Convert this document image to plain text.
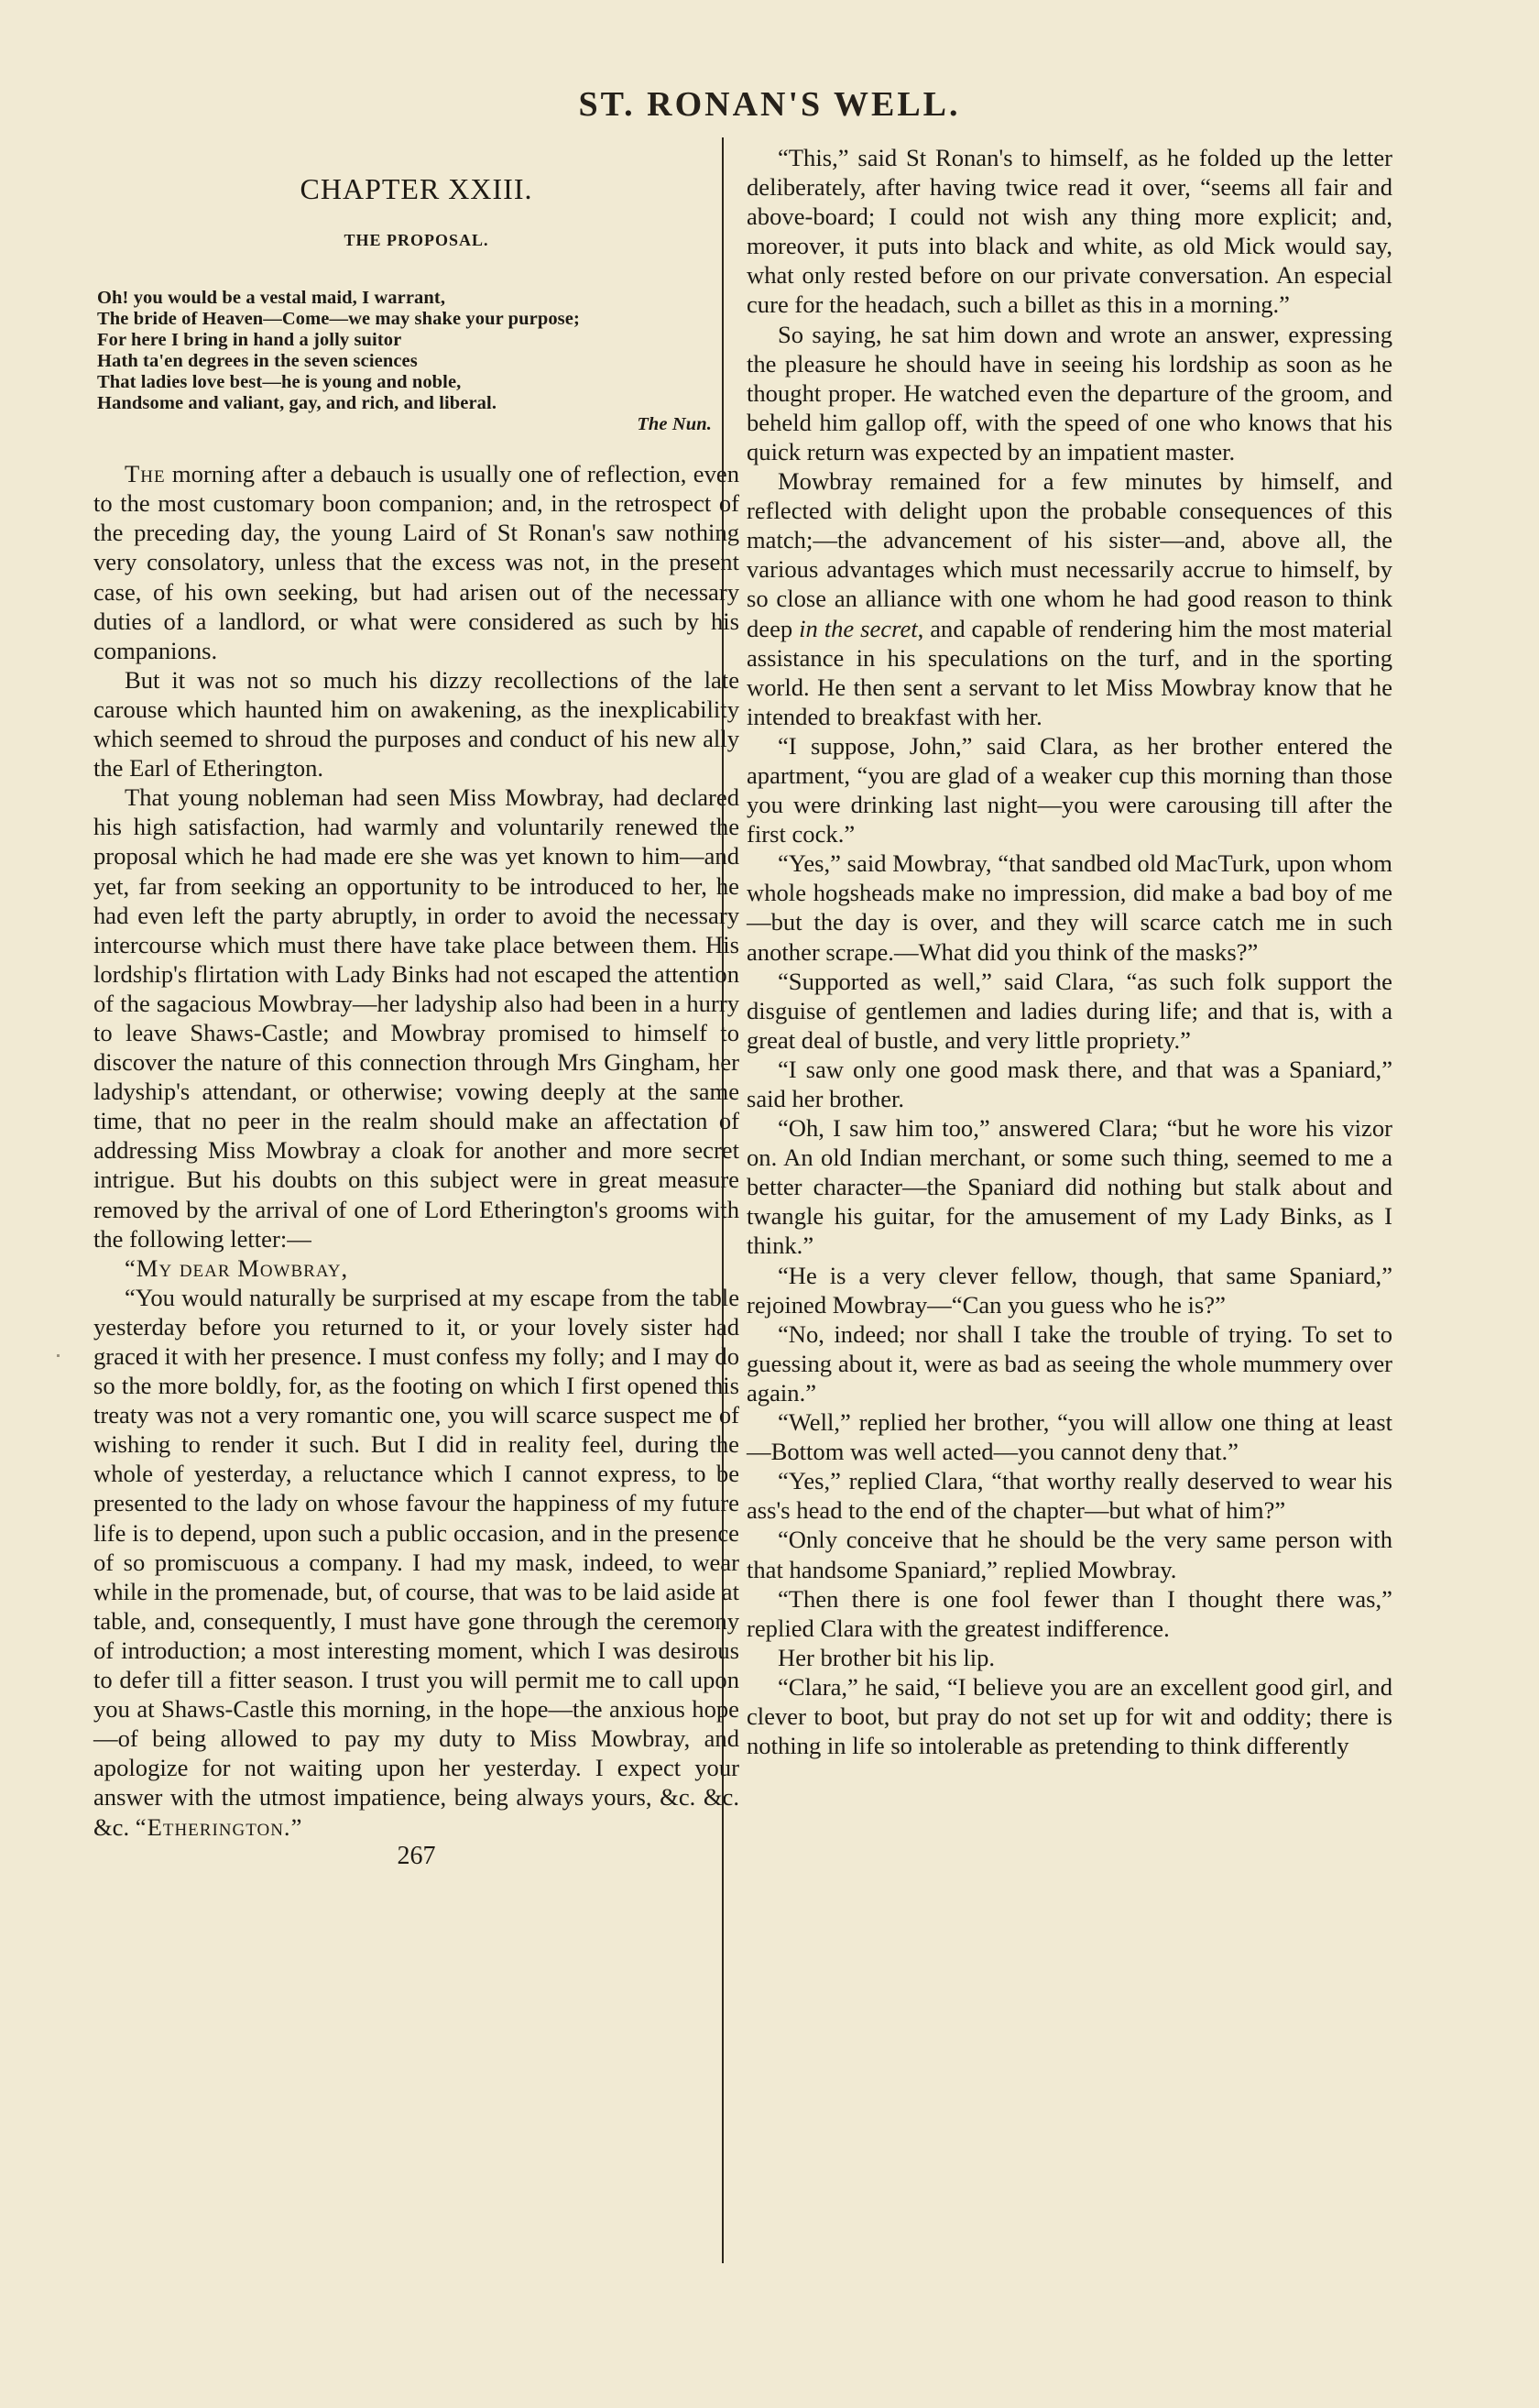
ST. RONAN'S WELL.
CHAPTER XXIII.
THE PROPOSAL.
Oh! you would be a vestal maid, I warrant,
The bride of Heaven—Come—we may shake your purpose;
For here I bring in hand a jolly suitor
Hath ta'en degrees in the seven sciences
That ladies love best—he is young and noble,
Handsome and valiant, gay, and rich, and liberal.
The Nun.

The morning after a debauch is usually one of reflection, even to the most customary boon companion; and, in the retrospect of the preceding day, the young Laird of St Ronan's saw nothing very consolatory, unless that the excess was not, in the present case, of his own seeking, but had arisen out of the necessary duties of a landlord, or what were considered as such by his companions.

But it was not so much his dizzy recollections of the late carouse which haunted him on awakening, as the inexplicability which seemed to shroud the purposes and conduct of his new ally the Earl of Etherington.

That young nobleman had seen Miss Mowbray, had declared his high satisfaction, had warmly and voluntarily renewed the proposal which he had made ere she was yet known to him—and yet, far from seeking an opportunity to be introduced to her, he had even left the party abruptly, in order to avoid the necessary intercourse which must there have take place between them. His lordship's flirtation with Lady Binks had not escaped the attention of the sagacious Mowbray—her ladyship also had been in a hurry to leave Shaws-Castle; and Mowbray promised to himself to discover the nature of this connection through Mrs Gingham, her ladyship's attendant, or otherwise; vowing deeply at the same time, that no peer in the realm should make an affectation of addressing Miss Mowbray a cloak for another and more secret intrigue. But his doubts on this subject were in great measure removed by the arrival of one of Lord Etherington's grooms with the following letter:—

“My dear Mowbray,

“You would naturally be surprised at my escape from the table yesterday before you returned to it, or your lovely sister had graced it with her presence. I must confess my folly; and I may do so the more boldly, for, as the footing on which I first opened this treaty was not a very romantic one, you will scarce suspect me of wishing to render it such. But I did in reality feel, during the whole of yesterday, a reluctance which I cannot express, to be presented to the lady on whose favour the happiness of my future life is to depend, upon such a public occasion, and in the presence of so promiscuous a company. I had my mask, indeed, to wear while in the promenade, but, of course, that was to be laid aside at table, and, consequently, I must have gone through the ceremony of introduction; a most interesting moment, which I was desirous to defer till a fitter season. I trust you will permit me to call upon you at Shaws-Castle this morning, in the hope—the anxious hope—of being allowed to pay my duty to Miss Mowbray, and apologize for not waiting upon her yesterday. I expect your answer with the utmost impatience, being always yours, &c. &c. &c. “Etherington.”

267

“This,” said St Ronan's to himself, as he folded up the letter deliberately, after having twice read it over, “seems all fair and above-board; I could not wish any thing more explicit; and, moreover, it puts into black and white, as old Mick would say, what only rested before on our private conversation. An especial cure for the headach, such a billet as this in a morning.”

So saying, he sat him down and wrote an answer, expressing the pleasure he should have in seeing his lordship as soon as he thought proper. He watched even the departure of the groom, and beheld him gallop off, with the speed of one who knows that his quick return was expected by an impatient master.

Mowbray remained for a few minutes by himself, and reflected with delight upon the probable consequences of this match;—the advancement of his sister—and, above all, the various advantages which must necessarily accrue to himself, by so close an alliance with one whom he had good reason to think deep in the secret, and capable of rendering him the most material assistance in his speculations on the turf, and in the sporting world. He then sent a servant to let Miss Mowbray know that he intended to breakfast with her.

“I suppose, John,” said Clara, as her brother entered the apartment, “you are glad of a weaker cup this morning than those you were drinking last night—you were carousing till after the first cock.”

“Yes,” said Mowbray, “that sandbed old MacTurk, upon whom whole hogsheads make no impression, did make a bad boy of me—but the day is over, and they will scarce catch me in such another scrape.—What did you think of the masks?”

“Supported as well,” said Clara, “as such folk support the disguise of gentlemen and ladies during life; and that is, with a great deal of bustle, and very little propriety.”

“I saw only one good mask there, and that was a Spaniard,” said her brother.

“Oh, I saw him too,” answered Clara; “but he wore his vizor on. An old Indian merchant, or some such thing, seemed to me a better character—the Spaniard did nothing but stalk about and twangle his guitar, for the amusement of my Lady Binks, as I think.”

“He is a very clever fellow, though, that same Spaniard,” rejoined Mowbray—“Can you guess who he is?”

“No, indeed; nor shall I take the trouble of trying. To set to guessing about it, were as bad as seeing the whole mummery over again.”

“Well,” replied her brother, “you will allow one thing at least—Bottom was well acted—you cannot deny that.”

“Yes,” replied Clara, “that worthy really deserved to wear his ass's head to the end of the chapter—but what of him?”

“Only conceive that he should be the very same person with that handsome Spaniard,” replied Mowbray.

“Then there is one fool fewer than I thought there was,” replied Clara with the greatest indifference.

Her brother bit his lip.

“Clara,” he said, “I believe you are an excellent good girl, and clever to boot, but pray do not set up for wit and oddity; there is nothing in life so intolerable as pretending to think differently
